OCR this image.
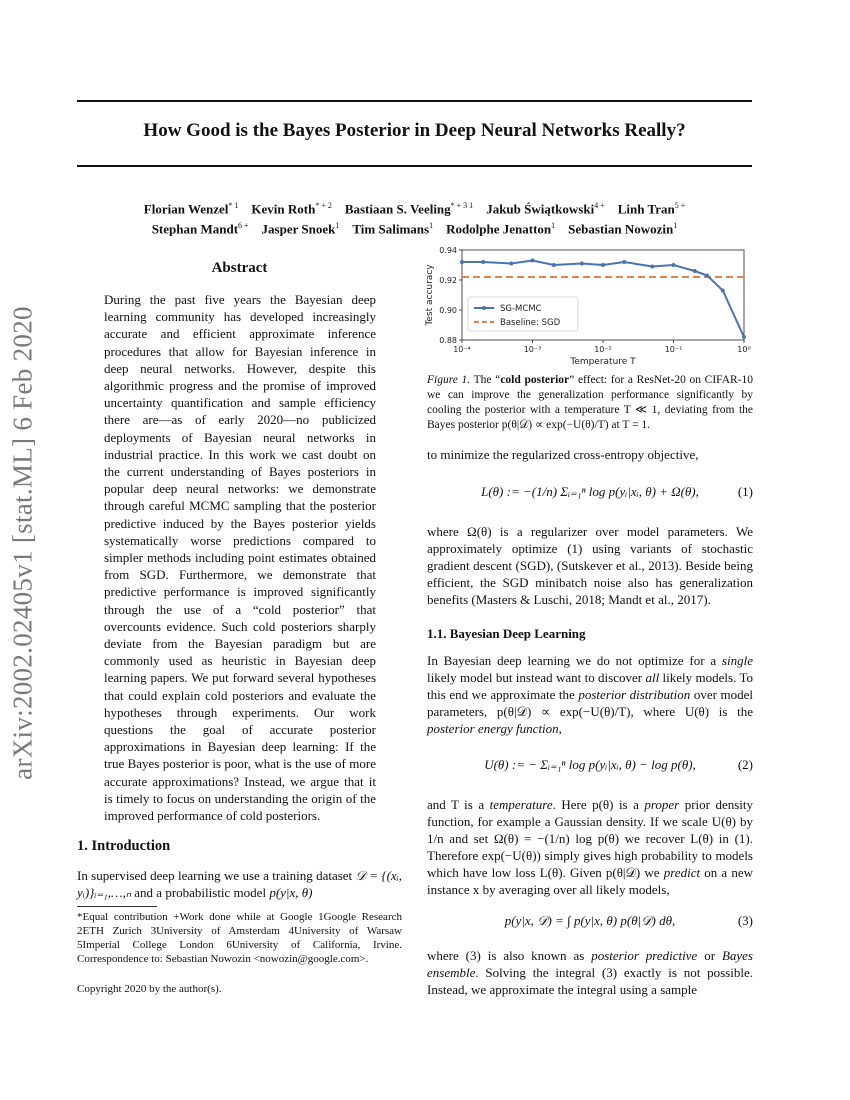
How Good is the Bayes Posterior in Deep Neural Networks Really?
Florian Wenzel$^{* 1}$  Kevin Roth$^{* + 2}$  Bastiaan S. Veeling$^{* + 3 1}$  Jakub Świątkowski$^{4 +}$  Linh Tran$^{5 +}$
Stephan Mandt$^{6 +}$  Jasper Snoek$^1$  Tim Salimans$^1$  Rodolphe Jenatton$^1$  Sebastian Nowozin$^1$
arXiv:2002.02405v1 [stat.ML] 6 Feb 2020
Abstract
During the past five years the Bayesian deep learning community has developed increasingly accurate and efficient approximate inference procedures that allow for Bayesian inference in deep neural networks. However, despite this algorithmic progress and the promise of improved uncertainty quantification and sample efficiency there are—as of early 2020—no publicized deployments of Bayesian neural networks in industrial practice. In this work we cast doubt on the current understanding of Bayes posteriors in popular deep neural networks: we demonstrate through careful MCMC sampling that the posterior predictive induced by the Bayes posterior yields systematically worse predictions compared to simpler methods including point estimates obtained from SGD. Furthermore, we demonstrate that predictive performance is improved significantly through the use of a “cold posterior” that overcounts evidence. Such cold posteriors sharply deviate from the Bayesian paradigm but are commonly used as heuristic in Bayesian deep learning papers. We put forward several hypotheses that could explain cold posteriors and evaluate the hypotheses through experiments. Our work questions the goal of accurate posterior approximations in Bayesian deep learning: If the true Bayes posterior is poor, what is the use of more accurate approximations? Instead, we argue that it is timely to focus on understanding the origin of the improved performance of cold posteriors.
1. Introduction

In supervised deep learning we use a training dataset 𝒟 = {(xᵢ, yᵢ)}ᵢ₌₁,…,ₙ and a probabilistic model p(y|x, θ)

*Equal contribution +Work done while at Google 1Google Research 2ETH Zurich 3University of Amsterdam 4University of Warsaw 5Imperial College London 6University of California, Irvine. Correspondence to: Sebastian Nowozin <nowozin@google.com>.
Copyright 2020 by the author(s).
0.88
0.90
0.92
0.94
10⁻⁴	10⁻³	10⁻²	10⁻¹	10⁰
Temperature T
Test accuracy	SG-MCMC
Baseline: SGD
Figure 1. The “cold posterior” effect: for a ResNet-20 on CIFAR-10 we can improve the generalization performance significantly by cooling the posterior with a temperature T ≪ 1, deviating from the Bayes posterior p(θ|𝒟) ∝ exp(−U(θ)/T) at T = 1.

to minimize the regularized cross-entropy objective,

L(θ) := −(1/n) Σᵢ₌₁ⁿ log p(yᵢ|xᵢ, θ) + Ω(θ),	(1)

where Ω(θ) is a regularizer over model parameters. We approximately optimize (1) using variants of stochastic gradient descent (SGD), (Sutskever et al., 2013). Beside being efficient, the SGD minibatch noise also has generalization benefits (Masters & Luschi, 2018; Mandt et al., 2017).

1.1. Bayesian Deep Learning

In Bayesian deep learning we do not optimize for a single likely model but instead want to discover all likely models. To this end we approximate the posterior distribution over model parameters, p(θ|𝒟) ∝ exp(−U(θ)/T), where U(θ) is the posterior energy function,

U(θ) := − Σᵢ₌₁ⁿ log p(yᵢ|xᵢ, θ) − log p(θ),	(2)

and T is a temperature. Here p(θ) is a proper prior density function, for example a Gaussian density. If we scale U(θ) by 1/n and set Ω(θ) = −(1/n) log p(θ) we recover L(θ) in (1). Therefore exp(−U(θ)) simply gives high probability to models which have low loss L(θ). Given p(θ|𝒟) we predict on a new instance x by averaging over all likely models,

p(y|x, 𝒟) = ∫ p(y|x, θ) p(θ|𝒟) dθ,	(3)

where (3) is also known as posterior predictive or Bayes ensemble. Solving the integral (3) exactly is not possible. Instead, we approximate the integral using a sample
